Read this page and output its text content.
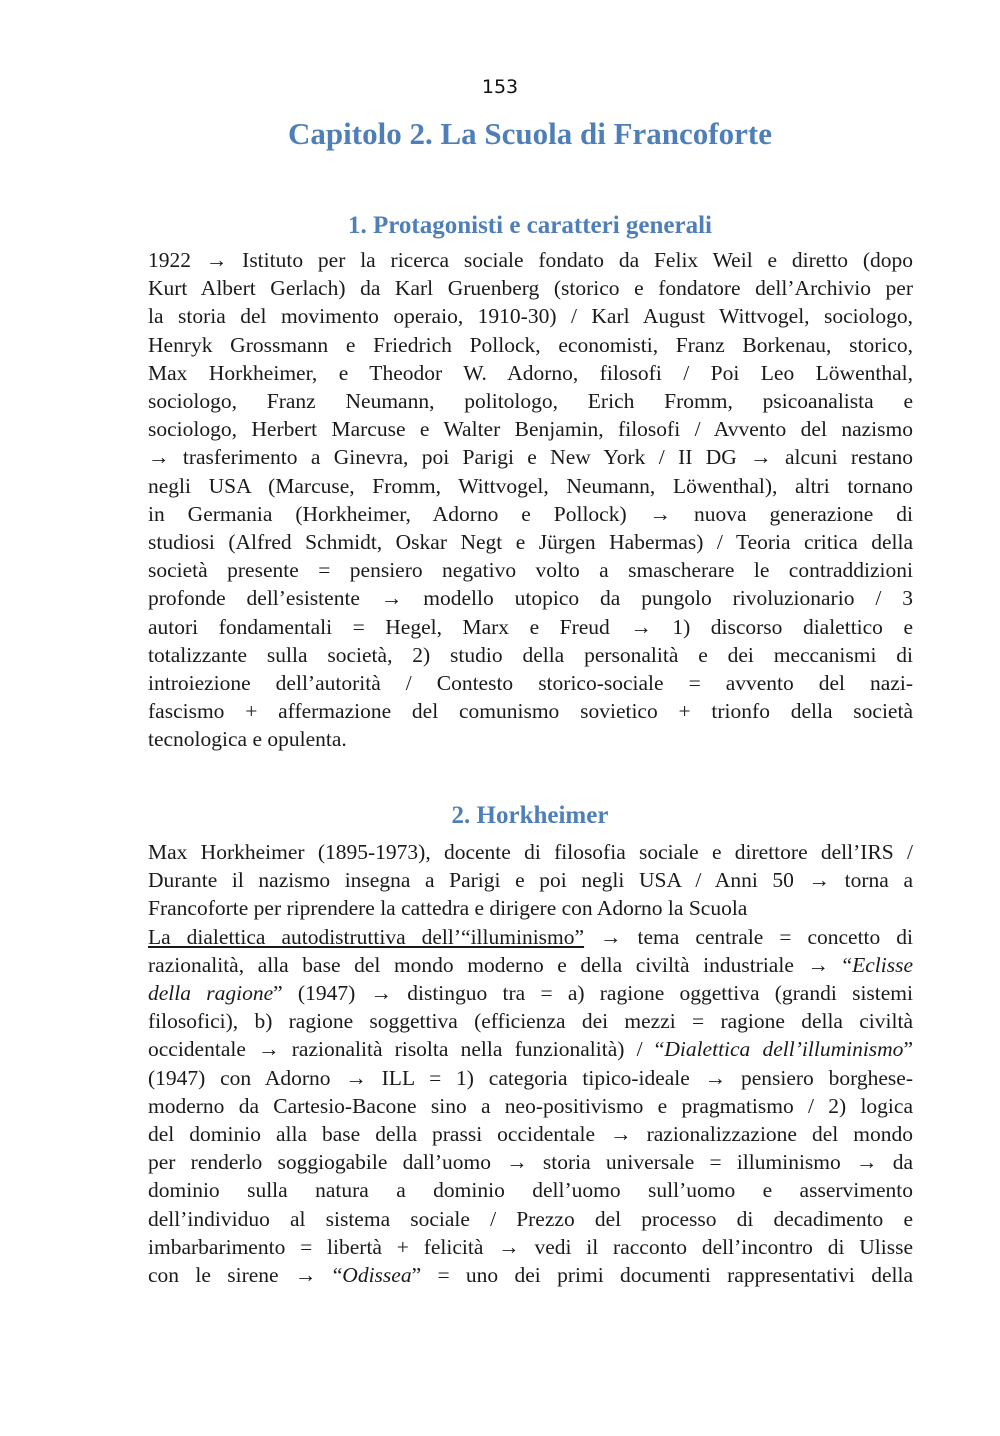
153
Capitolo 2. La Scuola di Francoforte
1. Protagonisti e caratteri generali
1922 → Istituto per la ricerca sociale fondato da Felix Weil e diretto (dopo
Kurt Albert Gerlach) da Karl Gruenberg (storico e fondatore dell’Archivio per
la storia del movimento operaio, 1910-30) / Karl August Wittvogel, sociologo,
Henryk Grossmann e Friedrich Pollock, economisti, Franz Borkenau, storico,
Max Horkheimer, e Theodor W. Adorno, filosofi / Poi Leo Löwenthal,
sociologo, Franz Neumann, politologo, Erich Fromm, psicoanalista e
sociologo, Herbert Marcuse e Walter Benjamin, filosofi / Avvento del nazismo
→ trasferimento a Ginevra, poi Parigi e New York / II DG → alcuni restano
negli USA (Marcuse, Fromm, Wittvogel, Neumann, Löwenthal), altri tornano
in Germania (Horkheimer, Adorno e Pollock) → nuova generazione di
studiosi (Alfred Schmidt, Oskar Negt e Jürgen Habermas) / Teoria critica della
società presente = pensiero negativo volto a smascherare le contraddizioni
profonde dell’esistente → modello utopico da pungolo rivoluzionario / 3
autori fondamentali = Hegel, Marx e Freud → 1) discorso dialettico e
totalizzante sulla società, 2) studio della personalità e dei meccanismi di
introiezione dell’autorità / Contesto storico-sociale = avvento del nazi-
fascismo + affermazione del comunismo sovietico + trionfo della società
tecnologica e opulenta.
2. Horkheimer
Max Horkheimer (1895-1973), docente di filosofia sociale e direttore dell’IRS /
Durante il nazismo insegna a Parigi e poi negli USA / Anni 50 → torna a
Francoforte per riprendere la cattedra e dirigere con Adorno la Scuola
La dialettica autodistruttiva dell’“illuminismo” → tema centrale = concetto di
razionalità, alla base del mondo moderno e della civiltà industriale → “Eclisse
della ragione” (1947) → distinguo tra = a) ragione oggettiva (grandi sistemi
filosofici), b) ragione soggettiva (efficienza dei mezzi = ragione della civiltà
occidentale → razionalità risolta nella funzionalità) / “Dialettica dell’illuminismo”
(1947) con Adorno → ILL = 1) categoria tipico-ideale → pensiero borghese-
moderno da Cartesio-Bacone sino a neo-positivismo e pragmatismo / 2) logica
del dominio alla base della prassi occidentale → razionalizzazione del mondo
per renderlo soggiogabile dall’uomo → storia universale = illuminismo → da
dominio sulla natura a dominio dell’uomo sull’uomo e asservimento
dell’individuo al sistema sociale / Prezzo del processo di decadimento e
imbarbarimento = libertà + felicità → vedi il racconto dell’incontro di Ulisse
con le sirene → “Odissea” = uno dei primi documenti rappresentativi della
